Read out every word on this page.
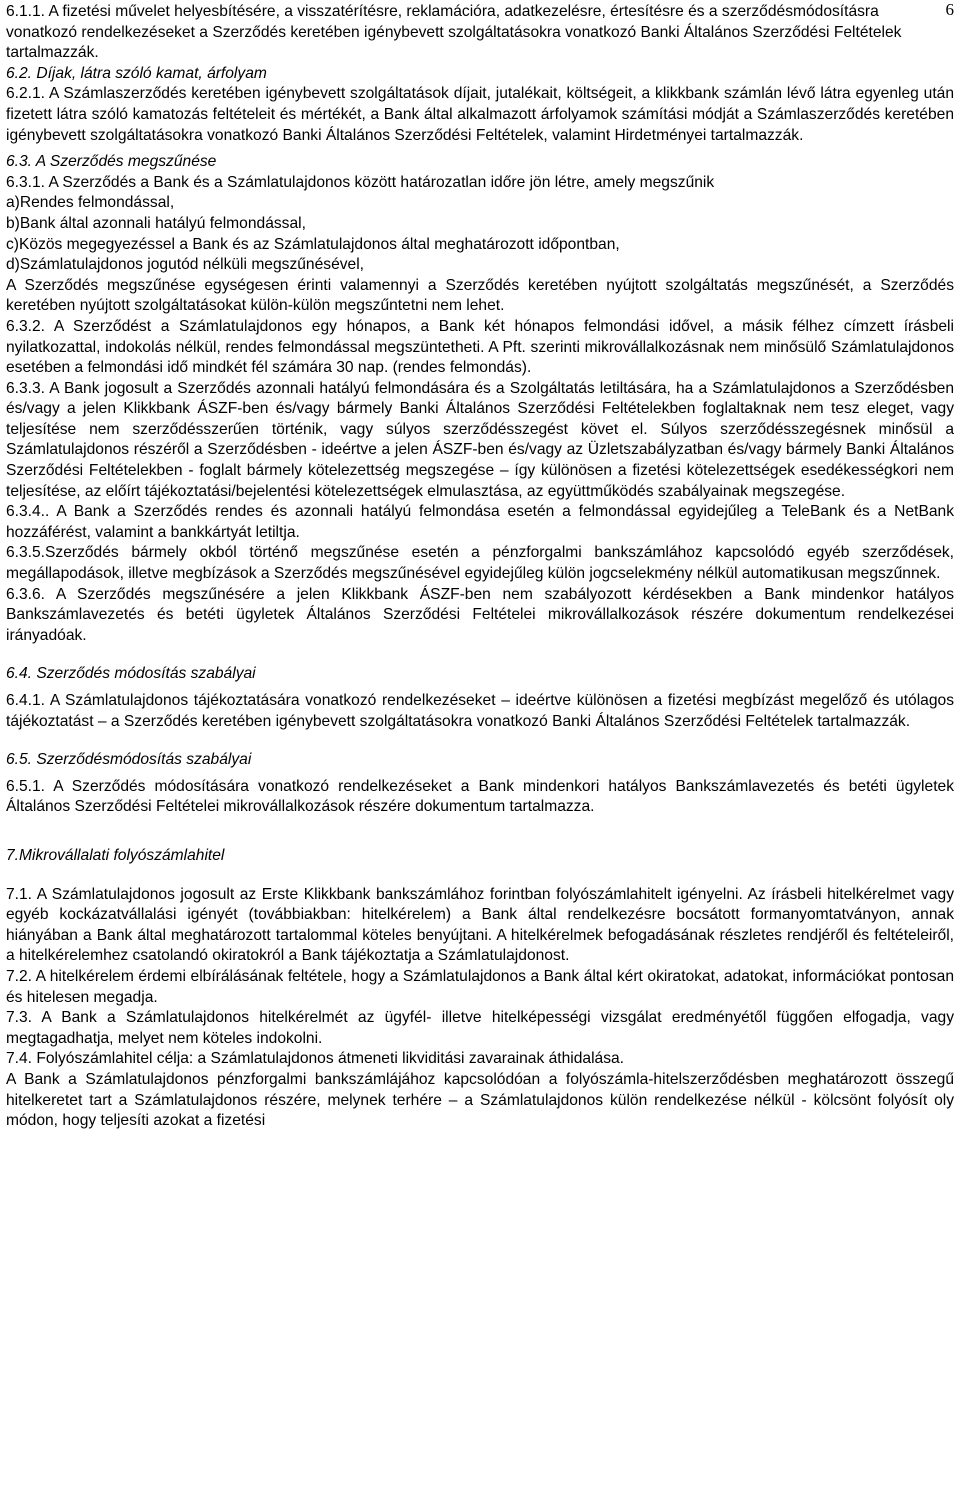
6

6.1.1. A fizetési művelet helyesbítésére, a visszatérítésre, reklamációra, adatkezelésre, értesítésre és a szerződésmódosításra vonatkozó rendelkezéseket a Szerződés keretében igénybevett szolgáltatásokra vonatkozó Banki Általános Szerződési Feltételek tartalmazzák.

6.2. Díjak, látra szóló kamat, árfolyam

6.2.1. A Számlaszerződés keretében igénybevett szolgáltatások díjait, jutalékait, költségeit, a klikkbank számlán lévő látra egyenleg után fizetett látra szóló kamatozás feltételeit és mértékét, a Bank által alkalmazott árfolyamok számítási módját a Számlaszerződés keretében igénybevett szolgáltatásokra vonatkozó Banki Általános Szerződési Feltételek, valamint Hirdetményei tartalmazzák.

6.3. A Szerződés megszűnése

6.3.1. A Szerződés a Bank és a Számlatulajdonos között határozatlan időre jön létre, amely megszűnik

a)Rendes felmondással,

b)Bank által azonnali hatályú felmondással,

c)Közös megegyezéssel a Bank és az Számlatulajdonos által meghatározott időpontban,

d)Számlatulajdonos jogutód nélküli megszűnésével,

A Szerződés megszűnése egységesen érinti valamennyi a Szerződés keretében nyújtott szolgáltatás megszűnését, a Szerződés keretében nyújtott szolgáltatásokat külön-külön megszűntetni nem lehet.

6.3.2. A Szerződést a Számlatulajdonos egy hónapos, a Bank két hónapos felmondási idővel, a másik félhez címzett írásbeli nyilatkozattal, indokolás nélkül, rendes felmondással megszüntetheti. A Pft. szerinti mikrovállalkozásnak nem minősülő Számlatulajdonos esetében a felmondási idő mindkét fél számára 30 nap. (rendes felmondás).

6.3.3. A Bank jogosult a Szerződés azonnali hatályú felmondására és a Szolgáltatás letiltására, ha a Számlatulajdonos a Szerződésben és/vagy a jelen Klikkbank ÁSZF-ben és/vagy bármely Banki Általános Szerződési Feltételekben foglaltaknak nem tesz eleget, vagy teljesítése nem szerződésszerűen történik, vagy súlyos szerződésszegést követ el. Súlyos szerződésszegésnek minősül a Számlatulajdonos részéről a Szerződésben - ideértve a jelen ÁSZF-ben és/vagy az Üzletszabályzatban és/vagy bármely Banki Általános Szerződési Feltételekben - foglalt bármely kötelezettség megszegése – így különösen a fizetési kötelezettségek esedékességkori nem teljesítése, az előírt tájékoztatási/bejelentési kötelezettségek elmulasztása, az együttműködés szabályainak megszegése.

6.3.4.. A Bank a Szerződés rendes és azonnali hatályú felmondása esetén a felmondással egyidejűleg a TeleBank és a NetBank hozzáférést, valamint a bankkártyát letiltja.

6.3.5.Szerződés bármely okból történő megszűnése esetén a pénzforgalmi bankszámlához kapcsolódó egyéb szerződések, megállapodások, illetve megbízások a Szerződés megszűnésével egyidejűleg külön jogcselekmény nélkül automatikusan megszűnnek.

6.3.6. A Szerződés megszűnésére a jelen Klikkbank ÁSZF-ben nem szabályozott kérdésekben a Bank mindenkor hatályos Bankszámlavezetés és betéti ügyletek Általános Szerződési Feltételei mikrovállalkozások részére dokumentum rendelkezései irányadóak.

6.4. Szerződés módosítás szabályai

6.4.1. A Számlatulajdonos tájékoztatására vonatkozó rendelkezéseket – ideértve különösen a fizetési megbízást megelőző és utólagos tájékoztatást – a Szerződés keretében igénybevett szolgáltatásokra vonatkozó Banki Általános Szerződési Feltételek tartalmazzák.

6.5. Szerződésmódosítás szabályai

6.5.1. A Szerződés módosítására vonatkozó rendelkezéseket a Bank mindenkori hatályos Bankszámlavezetés és betéti ügyletek Általános Szerződési Feltételei mikrovállalkozások részére dokumentum tartalmazza.

7.Mikrovállalati folyószámlahitel

7.1. A Számlatulajdonos jogosult az Erste Klikkbank bankszámlához forintban folyószámlahitelt igényelni. Az írásbeli hitelkérelmet vagy egyéb kockázatvállalási igényét (továbbiakban: hitelkérelem) a Bank által rendelkezésre bocsátott formanyomtatványon, annak hiányában a Bank által meghatározott tartalommal köteles benyújtani. A hitelkérelmek befogadásának részletes rendjéről és feltételeiről, a hitelkérelemhez csatolandó okiratokról a Bank tájékoztatja a Számlatulajdonost.

7.2. A hitelkérelem érdemi elbírálásának feltétele, hogy a Számlatulajdonos a Bank által kért okiratokat, adatokat, információkat pontosan és hitelesen megadja.

7.3. A Bank a Számlatulajdonos hitelkérelmét az ügyfél- illetve hitelképességi vizsgálat eredményétől függően elfogadja, vagy megtagadhatja, melyet nem köteles indokolni.

7.4. Folyószámlahitel célja: a Számlatulajdonos átmeneti likviditási zavarainak áthidalása.

A Bank a Számlatulajdonos pénzforgalmi bankszámlájához kapcsolódóan a folyószámla-hitelszerződésben meghatározott összegű hitelkeretet tart a Számlatulajdonos részére, melynek terhére – a Számlatulajdonos külön rendelkezése nélkül - kölcsönt folyósít oly módon, hogy teljesíti azokat a fizetési
